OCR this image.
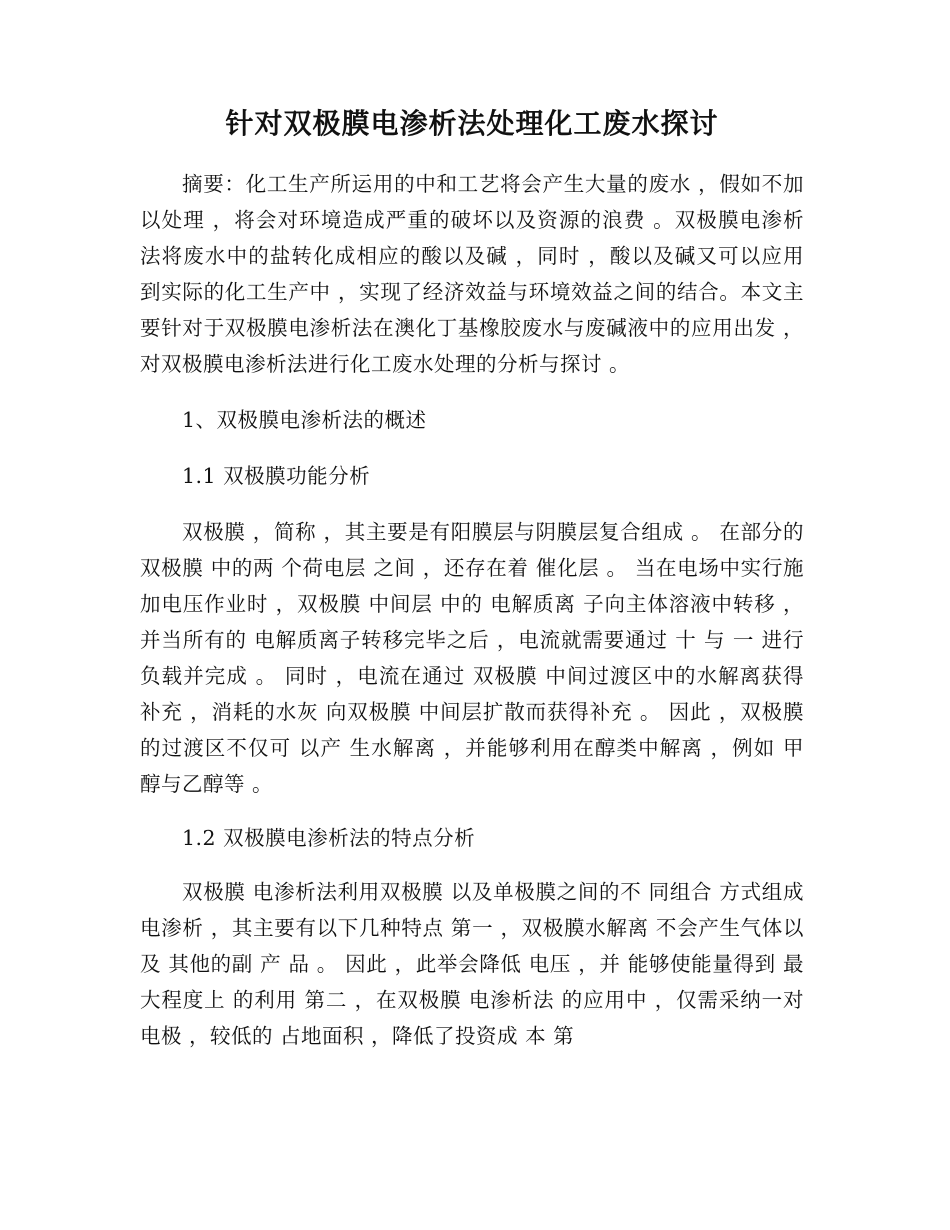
针对双极膜电渗析法处理化工废水探讨

摘要：化工生产所运用的中和工艺将会产生大量的废水 ，假如不加以处理 ，将会对环境造成严重的破坏以及资源的浪费 。双极膜电渗析法将废水中的盐转化成相应的酸以及碱 ，同时 ，酸以及碱又可以应用到实际的化工生产中 ，实现了经济效益与环境效益之间的结合。本文主要针对于双极膜电渗析法在澳化丁基橡胶废水与废碱液中的应用出发 ，对双极膜电渗析法进行化工废水处理的分析与探讨 。

1、双极膜电渗析法的概述

1.1 双极膜功能分析

双极膜 ，简称 ，其主要是有阳膜层与阴膜层复合组成 。 在部分的双极膜 中的两 个荷电层 之间 ，还存在着 催化层 。 当在电场中实行施加电压作业时 ，双极膜 中间层 中的 电解质离 子向主体溶液中转移 ，并当所有的 电解质离子转移完毕之后 ，电流就需要通过 十 与 一 进行负载并完成 。 同时 ，电流在通过 双极膜 中间过渡区中的水解离获得补充 ，消耗的水灰 向双极膜 中间层扩散而获得补充 。 因此 ，双极膜的过渡区不仅可 以产 生水解离 ，并能够利用在醇类中解离 ，例如 甲醇与乙醇等 。

1.2 双极膜电渗析法的特点分析

双极膜 电渗析法利用双极膜 以及单极膜之间的不 同组合 方式组成 电渗析 ，其主要有以下几种特点 第一 ，双极膜水解离 不会产生气体以及 其他的副 产 品 。 因此 ，此举会降低 电压 ，并 能够使能量得到 最大程度上 的利用 第二 ，在双极膜 电渗析法 的应用中 ，仅需采纳一对 电极 ，较低的 占地面积 ，降低了投资成 本 第
